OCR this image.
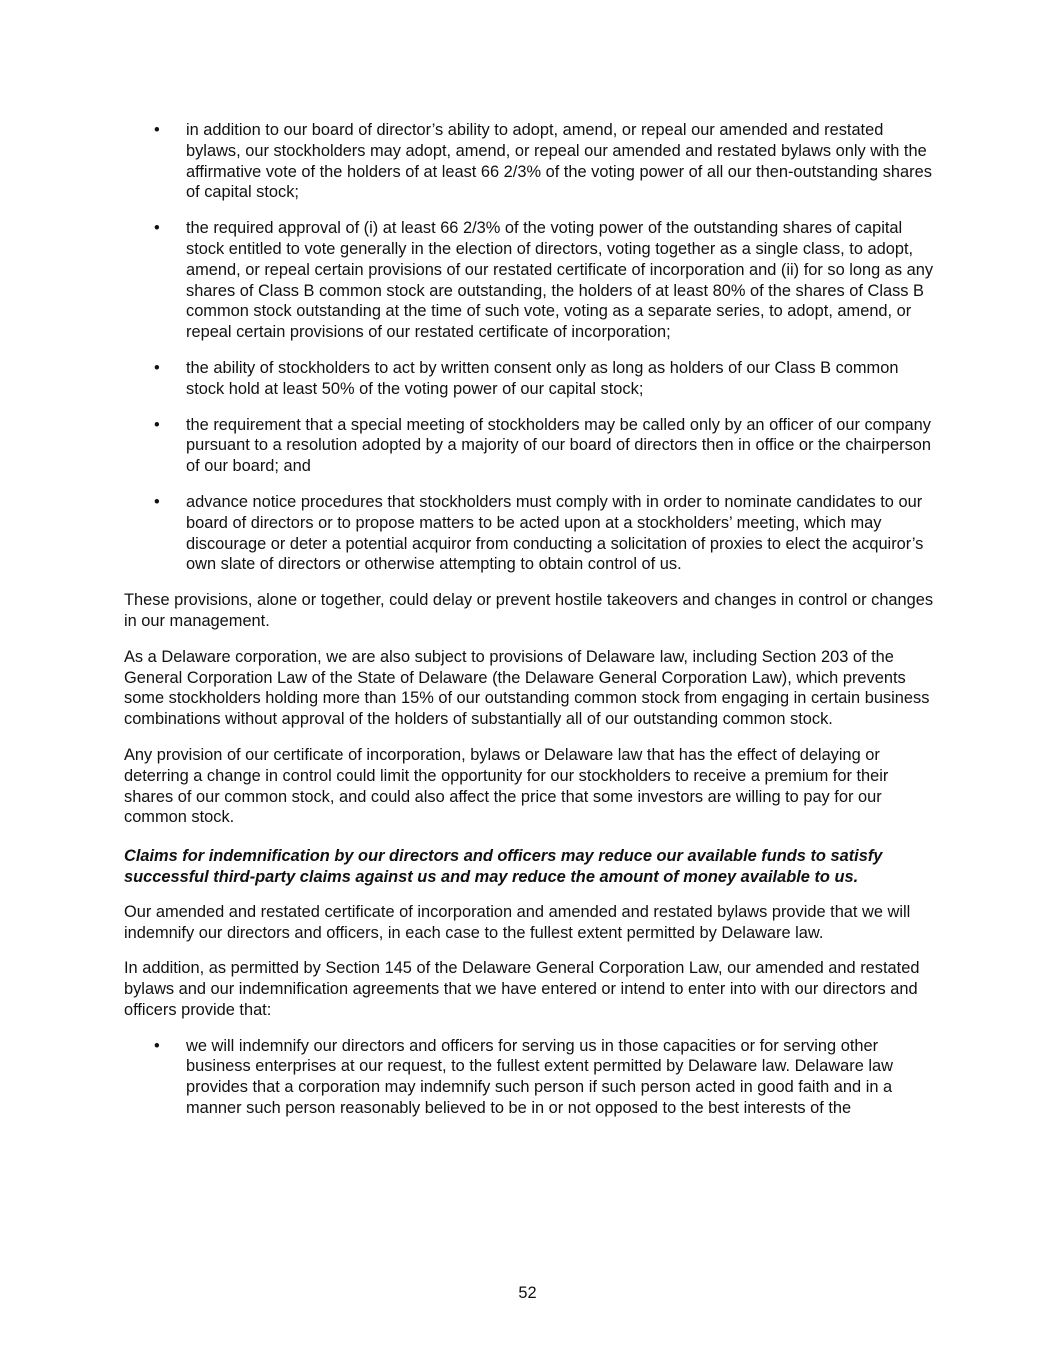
• in addition to our board of director’s ability to adopt, amend, or repeal our amended and restated bylaws, our stockholders may adopt, amend, or repeal our amended and restated bylaws only with the affirmative vote of the holders of at least 66 2/3% of the voting power of all our then-outstanding shares of capital stock;
• the required approval of (i) at least 66 2/3% of the voting power of the outstanding shares of capital stock entitled to vote generally in the election of directors, voting together as a single class, to adopt, amend, or repeal certain provisions of our restated certificate of incorporation and (ii) for so long as any shares of Class B common stock are outstanding, the holders of at least 80% of the shares of Class B common stock outstanding at the time of such vote, voting as a separate series, to adopt, amend, or repeal certain provisions of our restated certificate of incorporation;
• the ability of stockholders to act by written consent only as long as holders of our Class B common stock hold at least 50% of the voting power of our capital stock;
• the requirement that a special meeting of stockholders may be called only by an officer of our company pursuant to a resolution adopted by a majority of our board of directors then in office or the chairperson of our board; and
• advance notice procedures that stockholders must comply with in order to nominate candidates to our board of directors or to propose matters to be acted upon at a stockholders’ meeting, which may discourage or deter a potential acquiror from conducting a solicitation of proxies to elect the acquiror’s own slate of directors or otherwise attempting to obtain control of us.

These provisions, alone or together, could delay or prevent hostile takeovers and changes in control or changes in our management.

As a Delaware corporation, we are also subject to provisions of Delaware law, including Section 203 of the General Corporation Law of the State of Delaware (the Delaware General Corporation Law), which prevents some stockholders holding more than 15% of our outstanding common stock from engaging in certain business combinations without approval of the holders of substantially all of our outstanding common stock.

Any provision of our certificate of incorporation, bylaws or Delaware law that has the effect of delaying or deterring a change in control could limit the opportunity for our stockholders to receive a premium for their shares of our common stock, and could also affect the price that some investors are willing to pay for our common stock.

Claims for indemnification by our directors and officers may reduce our available funds to satisfy successful third-party claims against us and may reduce the amount of money available to us.

Our amended and restated certificate of incorporation and amended and restated bylaws provide that we will indemnify our directors and officers, in each case to the fullest extent permitted by Delaware law.

In addition, as permitted by Section 145 of the Delaware General Corporation Law, our amended and restated bylaws and our indemnification agreements that we have entered or intend to enter into with our directors and officers provide that:

• we will indemnify our directors and officers for serving us in those capacities or for serving other business enterprises at our request, to the fullest extent permitted by Delaware law. Delaware law provides that a corporation may indemnify such person if such person acted in good faith and in a manner such person reasonably believed to be in or not opposed to the best interests of the
52
